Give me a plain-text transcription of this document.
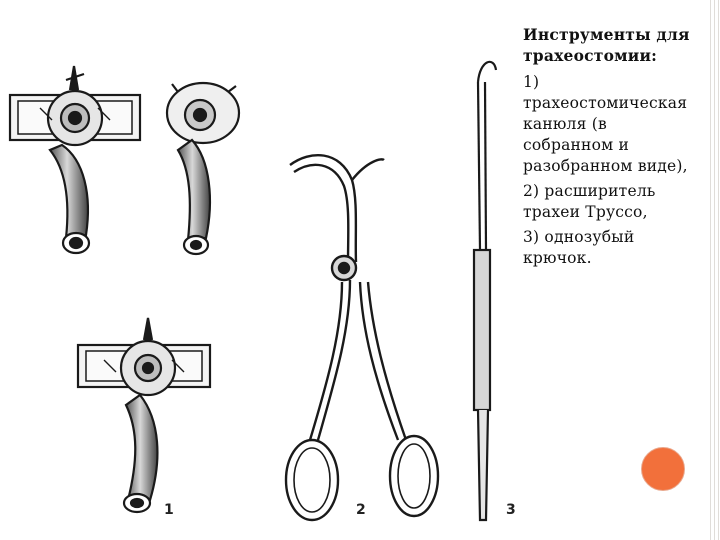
1	2	3

Инструменты для трахеостомии:

1) трахеостомическая канюля (в собранном и разобранном виде),

2) расширитель трахеи Труссо,

3) однозубый крючок.
